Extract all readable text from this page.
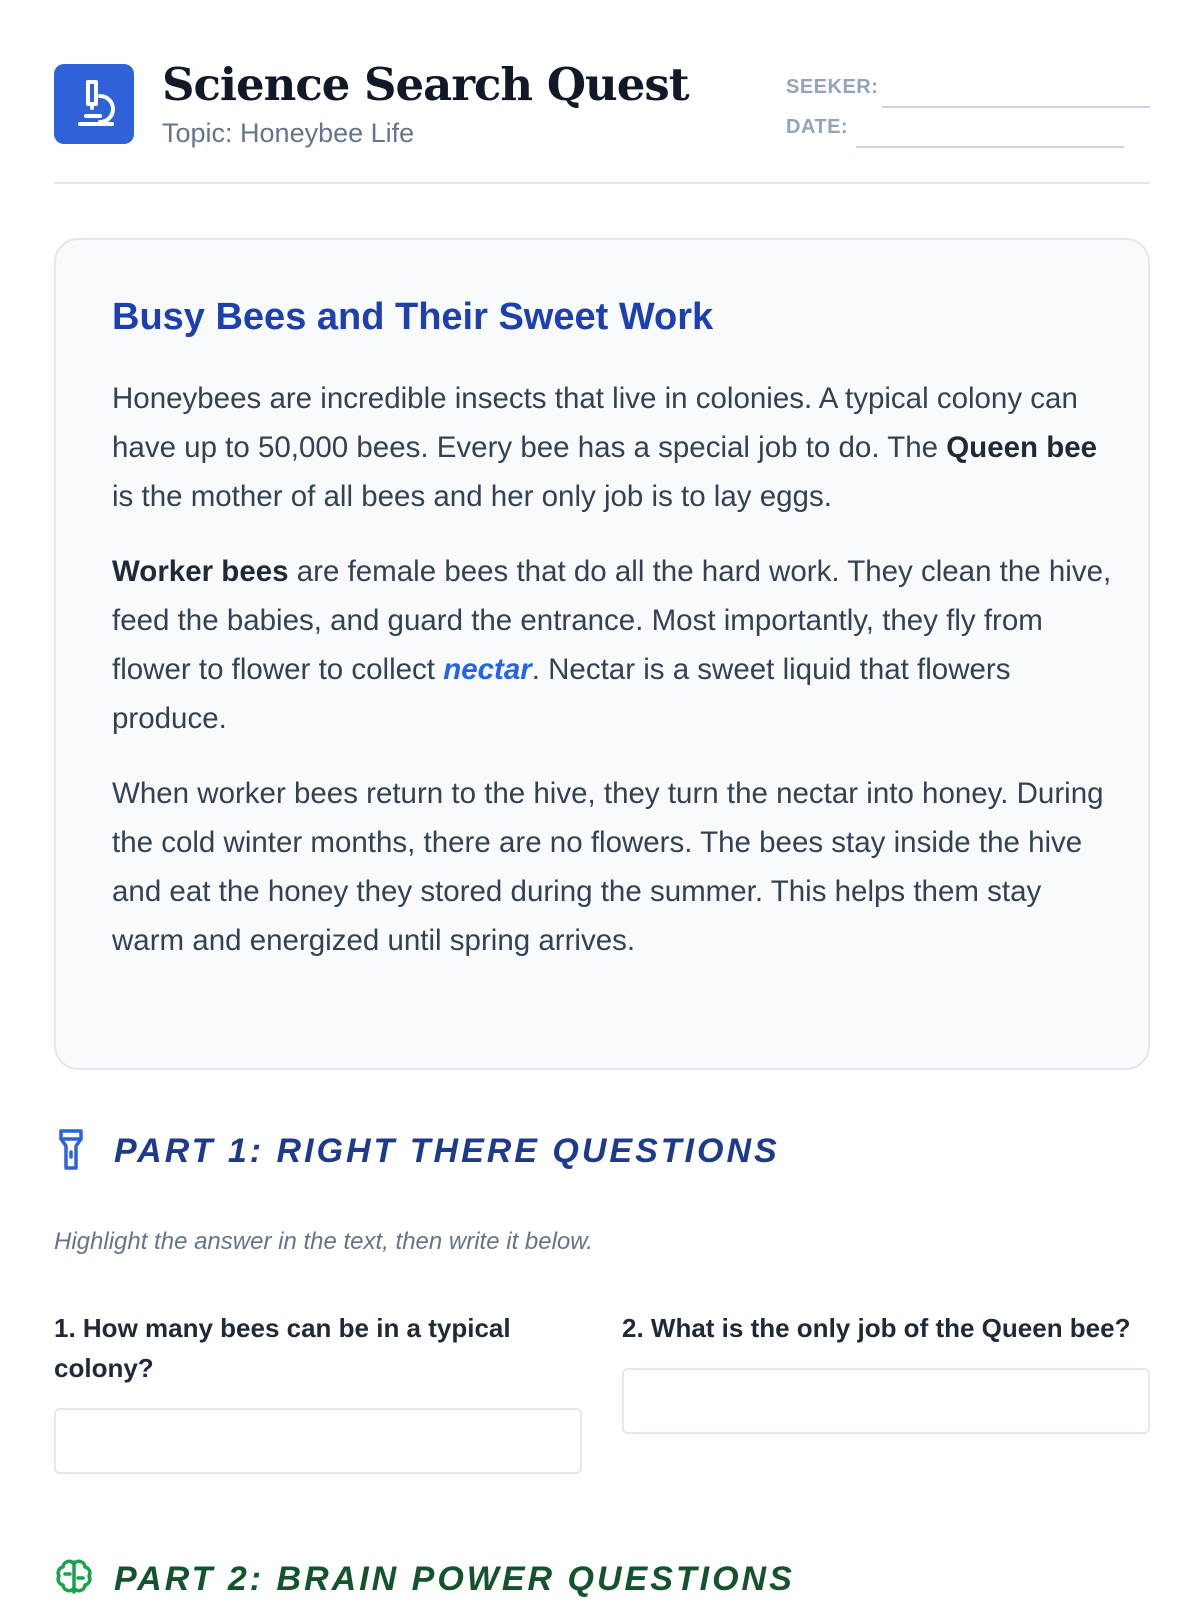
Science Search Quest
Topic: Honeybee Life
SEEKER:
DATE:
Busy Bees and Their Sweet Work

Honeybees are incredible insects that live in colonies. A typical colony can have up to 50,000 bees. Every bee has a special job to do. The Queen bee is the mother of all bees and her only job is to lay eggs.

Worker bees are female bees that do all the hard work. They clean the hive, feed the babies, and guard the entrance. Most importantly, they fly from flower to flower to collect nectar. Nectar is a sweet liquid that flowers produce.

When worker bees return to the hive, they turn the nectar into honey. During the cold winter months, there are no flowers. The bees stay inside the hive and eat the honey they stored during the summer. This helps them stay warm and energized until spring arrives.

PART 1: RIGHT THERE QUESTIONS
Highlight the answer in the text, then write it below.
1. How many bees can be in a typical colony?
2. What is the only job of the Queen bee?
PART 2: BRAIN POWER QUESTIONS
